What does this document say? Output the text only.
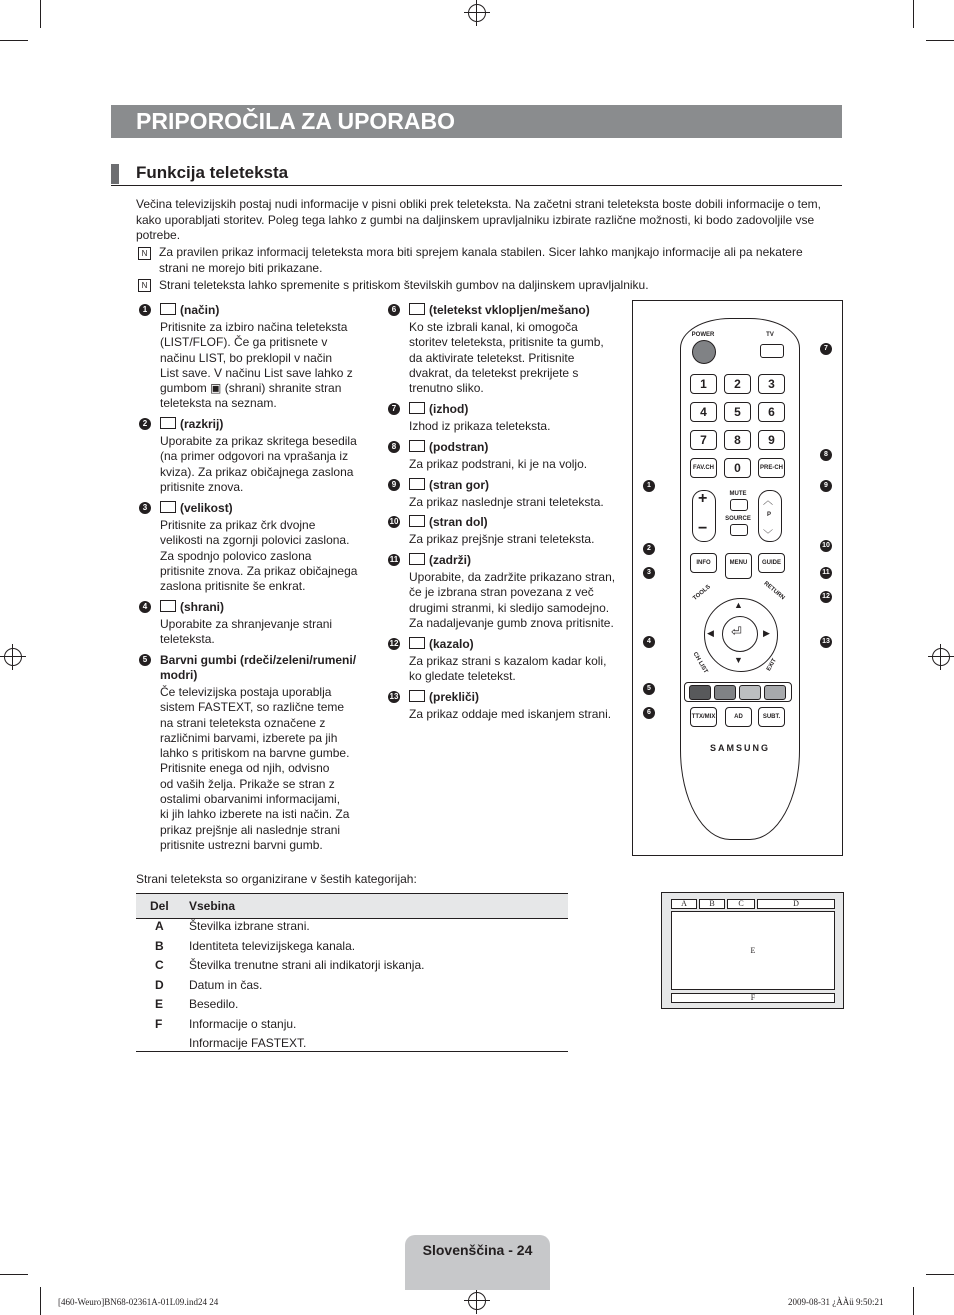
PRIPOROČILA ZA UPORABO
Funkcija teleteksta
Večina televizijskih postaj nudi informacije v pisni obliki prek teleteksta. Na začetni strani teleteksta boste dobili informacije o tem,
kako uporabljati storitev. Poleg tega lahko z gumbi na daljinskem upravljalniku izbirate različne možnosti, ki bodo zadovoljile vse
potrebe.
N Za pravilen prikaz informacij teleteksta mora biti sprejem kanala stabilen. Sicer lahko manjkajo informacije ali pa nekatere
strani ne morejo biti prikazane.
N Strani teleteksta lahko spremenite s pritiskom številskih gumbov na daljinskem upravljalniku.
1	(način)
Pritisnite za izbiro načina teleteksta
(LIST/FLOF). Če ga pritisnete v
načinu LIST, bo preklopil v način
List save. V načinu List save lahko z
gumbom ▣ (shrani) shranite stran
teleteksta na seznam.
2	(razkrij)
Uporabite za prikaz skritega besedila
(na primer odgovori na vprašanja iz
kviza). Za prikaz običajnega zaslona
pritisnite znova.
3	(velikost)
Pritisnite za prikaz črk dvojne
velikosti na zgornji polovici zaslona.
Za spodnjo polovico zaslona
pritisnite znova. Za prikaz običajnega
zaslona pritisnite še enkrat.
4	(shrani)
Uporabite za shranjevanje strani
teleteksta.
5	Barvni gumbi (rdeči/zeleni/rumeni/
modri)
Če televizijska postaja uporablja
sistem FASTEXT, so različne teme
na strani teleteksta označene z
različnimi barvami, izberete pa jih
lahko s pritiskom na barvne gumbe.
Pritisnite enega od njih, odvisno
od vaših želja. Prikaže se stran z
ostalimi obarvanimi informacijami,
ki jih lahko izberete na isti način. Za
prikaz prejšnje ali naslednje strani
pritisnite ustrezni barvni gumb.
6	(teletekst vklopljen/mešano)
Ko ste izbrali kanal, ki omogoča
storitev teleteksta, pritisnite ta gumb,
da aktivirate teletekst. Pritisnite
dvakrat, da teletekst prekrijete s
trenutno sliko.
7	(izhod)
Izhod iz prikaza teleteksta.
8	(podstran)
Za prikaz podstrani, ki je na voljo.
9	(stran gor)
Za prikaz naslednje strani teleteksta.
10	(stran dol)
Za prikaz prejšnje strani teleteksta.
11	(zadrži)
Uporabite, da zadržite prikazano stran,
če je izbrana stran povezana z več
drugimi stranmi, ki sledijo samodejno.
Za nadaljevanje gumb znova pritisnite.
12	(kazalo)
Za prikaz strani s kazalom kadar koli,
ko gledate teletekst.
13	(prekliči)
Za prikaz oddaje med iskanjem strani.
POWER	TV
1	2	3
4	5	6
7	8	9
FAV.CH	0	PRE-CH
+
−
MUTE
SOURCE
︿
P
﹀
INFO	MENU	GUIDE
TOOLS	RETURN
⏎
▲
▼
◀	▶
CH LIST	EXIT
TTX/MIX	AD	SUBT.
SAMSUNG
7
8
9
10
11
12
13
1
2
3
4
5
6
Strani teleteksta so organizirane v šestih kategorijah:
Del Vsebina
A Številka izbrane strani.
B Identiteta televizijskega kanala.
C Številka trenutne strani ali indikatorji iskanja.
D Datum in čas.
E Besedilo.
F Informacije o stanju.
Informacije FASTEXT.
A	B	C	D
E
F
Slovenščina - 24
[460-Weuro]BN68-02361A-01L09.ind24 24	2009-08-31 ¿ÀÀü 9:50:21
